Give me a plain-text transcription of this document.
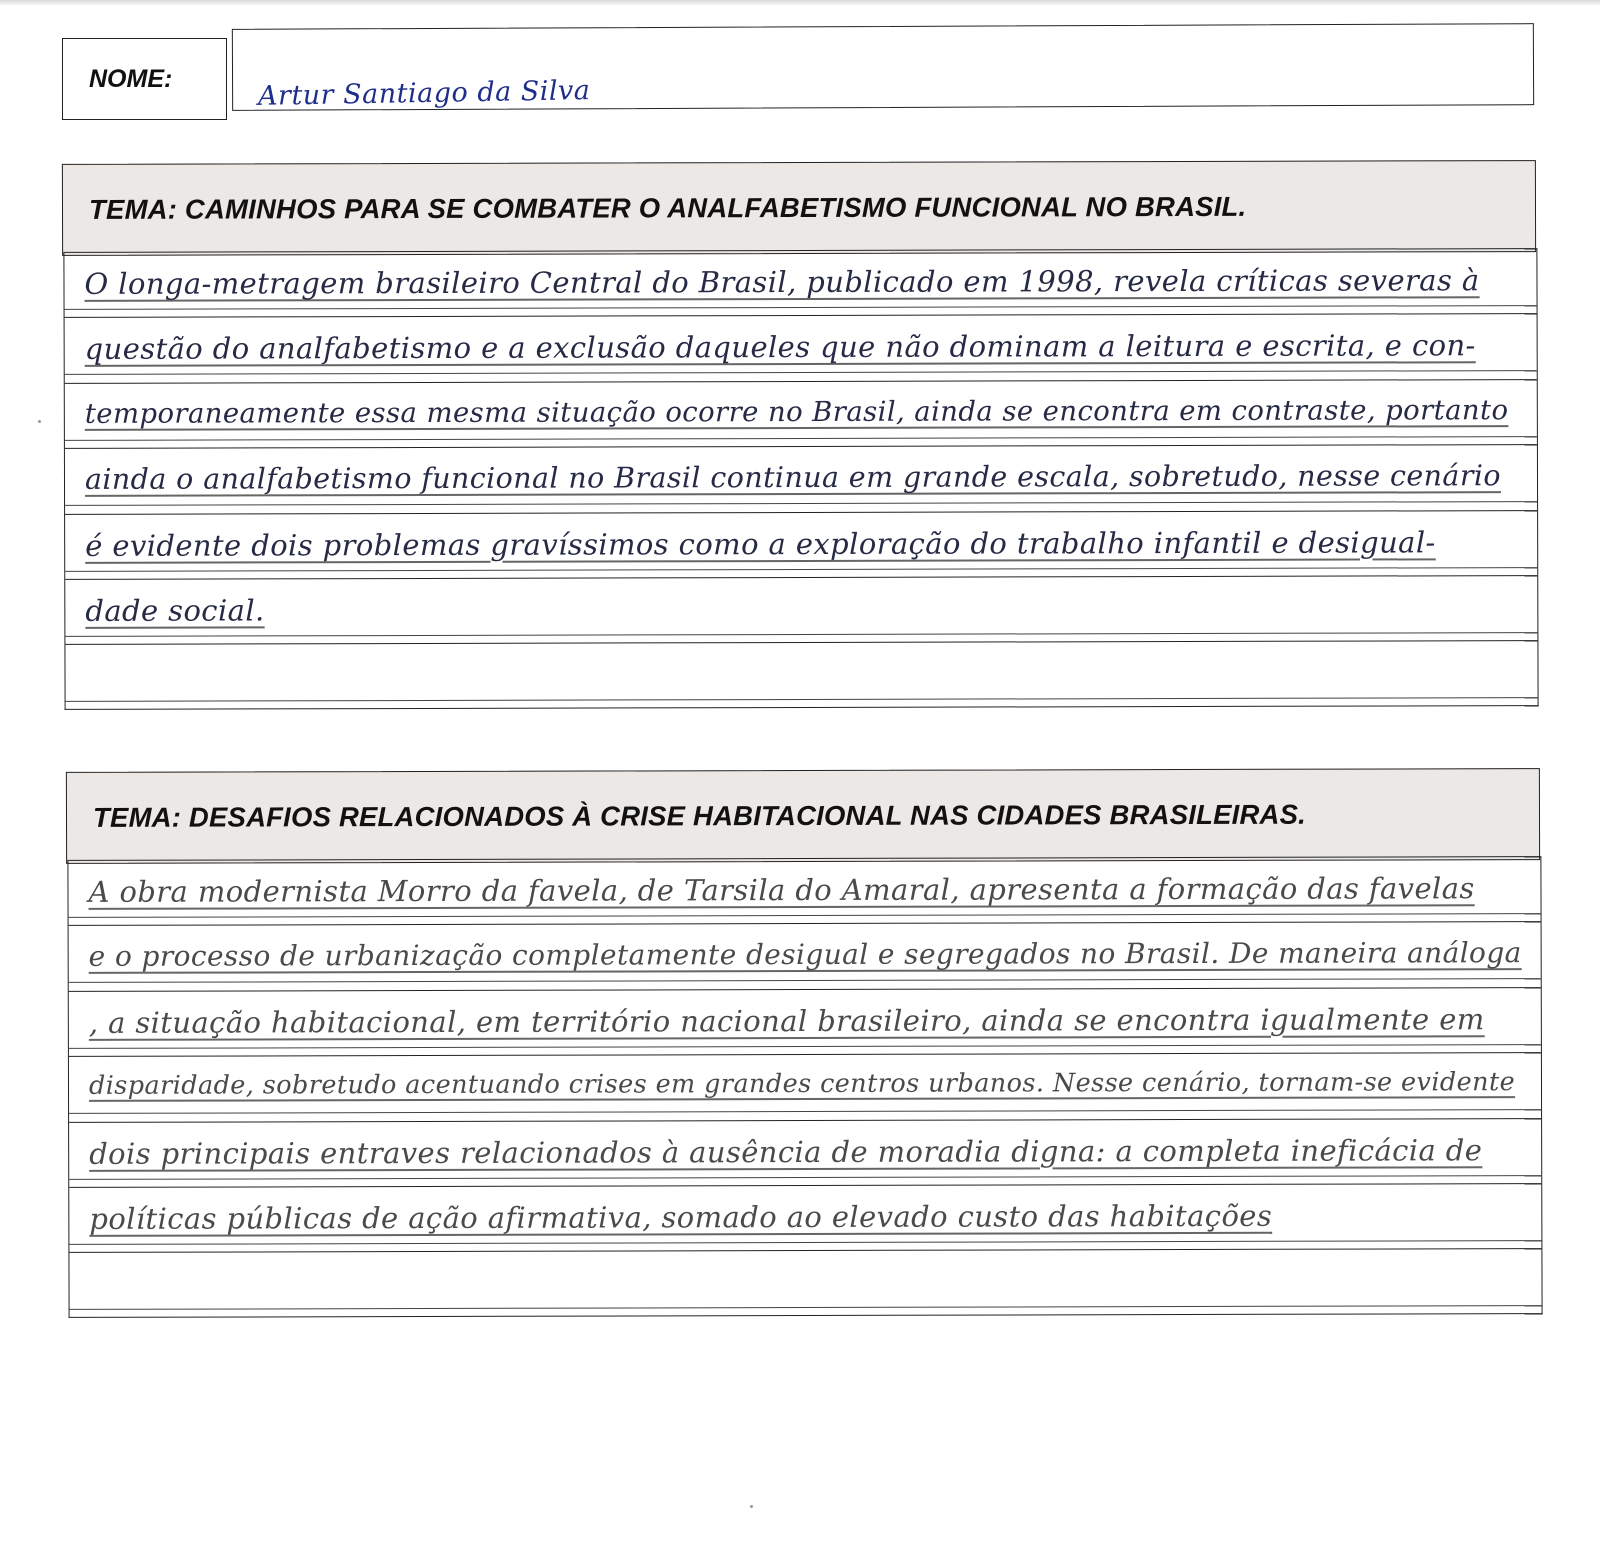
NOME:	Artur Santiago da Silva
TEMA: CAMINHOS PARA SE COMBATER O ANALFABETISMO FUNCIONAL NO BRASIL.
O longa-metragem brasileiro Central do Brasil, publicado em 1998, revela críticas severas à
questão do analfabetismo e a exclusão daqueles que não dominam a leitura e escrita, e con-
temporaneamente essa mesma situação ocorre no Brasil, ainda se encontra em contraste, portanto
ainda o analfabetismo funcional no Brasil continua em grande escala, sobretudo, nesse cenário
é evidente dois problemas gravíssimos como a exploração do trabalho infantil e desigual-
dade social.
TEMA: DESAFIOS RELACIONADOS À CRISE HABITACIONAL NAS CIDADES BRASILEIRAS.
A obra modernista Morro da favela, de Tarsila do Amaral, apresenta a formação das favelas
e o processo de urbanização completamente desigual e segregados no Brasil. De maneira análoga
, a situação habitacional, em território nacional brasileiro, ainda se encontra igualmente em
disparidade, sobretudo acentuando crises em grandes centros urbanos. Nesse cenário, tornam-se evidente
dois principais entraves relacionados à ausência de moradia digna: a completa ineficácia de
políticas públicas de ação afirmativa, somado ao elevado custo das habitações
